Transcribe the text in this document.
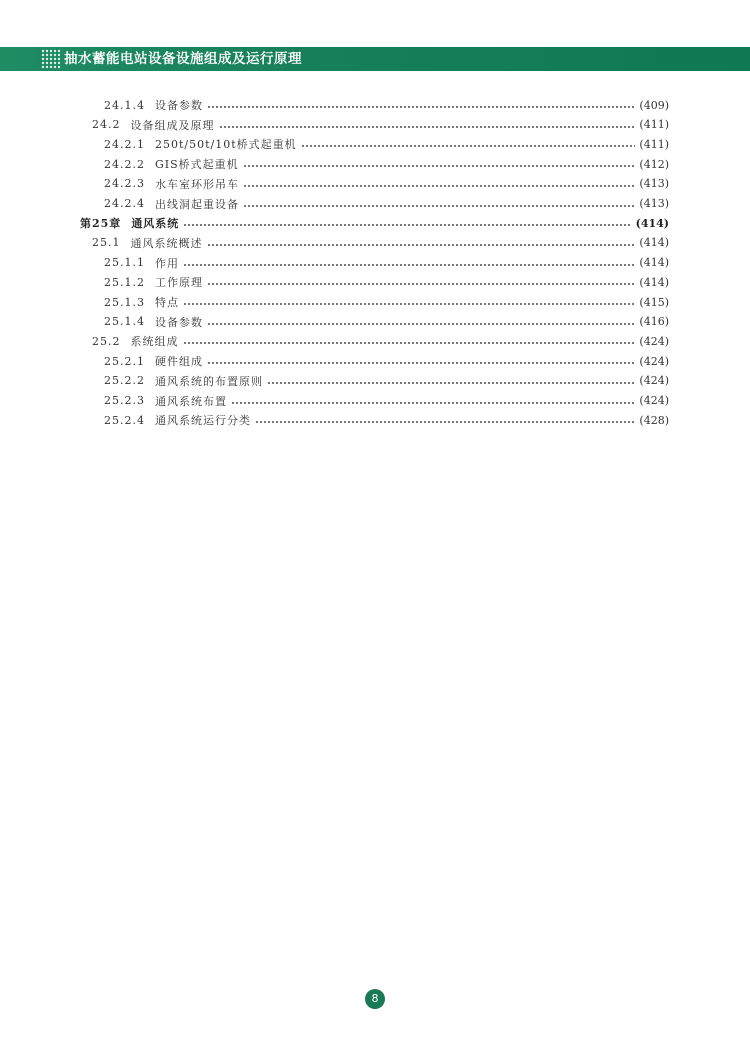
抽水蓄能电站设备设施组成及运行原理
24.1.4 设备参数	(409)
24.2 设备组成及原理	(411)
24.2.1 250t/50t/10t桥式起重机	(411)
24.2.2 GIS桥式起重机	(412)
24.2.3 水车室环形吊车	(413)
24.2.4 出线洞起重设备	(413)
第25章 通风系统	(414)
25.1 通风系统概述	(414)
25.1.1 作用	(414)
25.1.2 工作原理	(414)
25.1.3 特点	(415)
25.1.4 设备参数	(416)
25.2 系统组成	(424)
25.2.1 硬件组成	(424)
25.2.2 通风系统的布置原则	(424)
25.2.3 通风系统布置	(424)
25.2.4 通风系统运行分类	(428)
8
